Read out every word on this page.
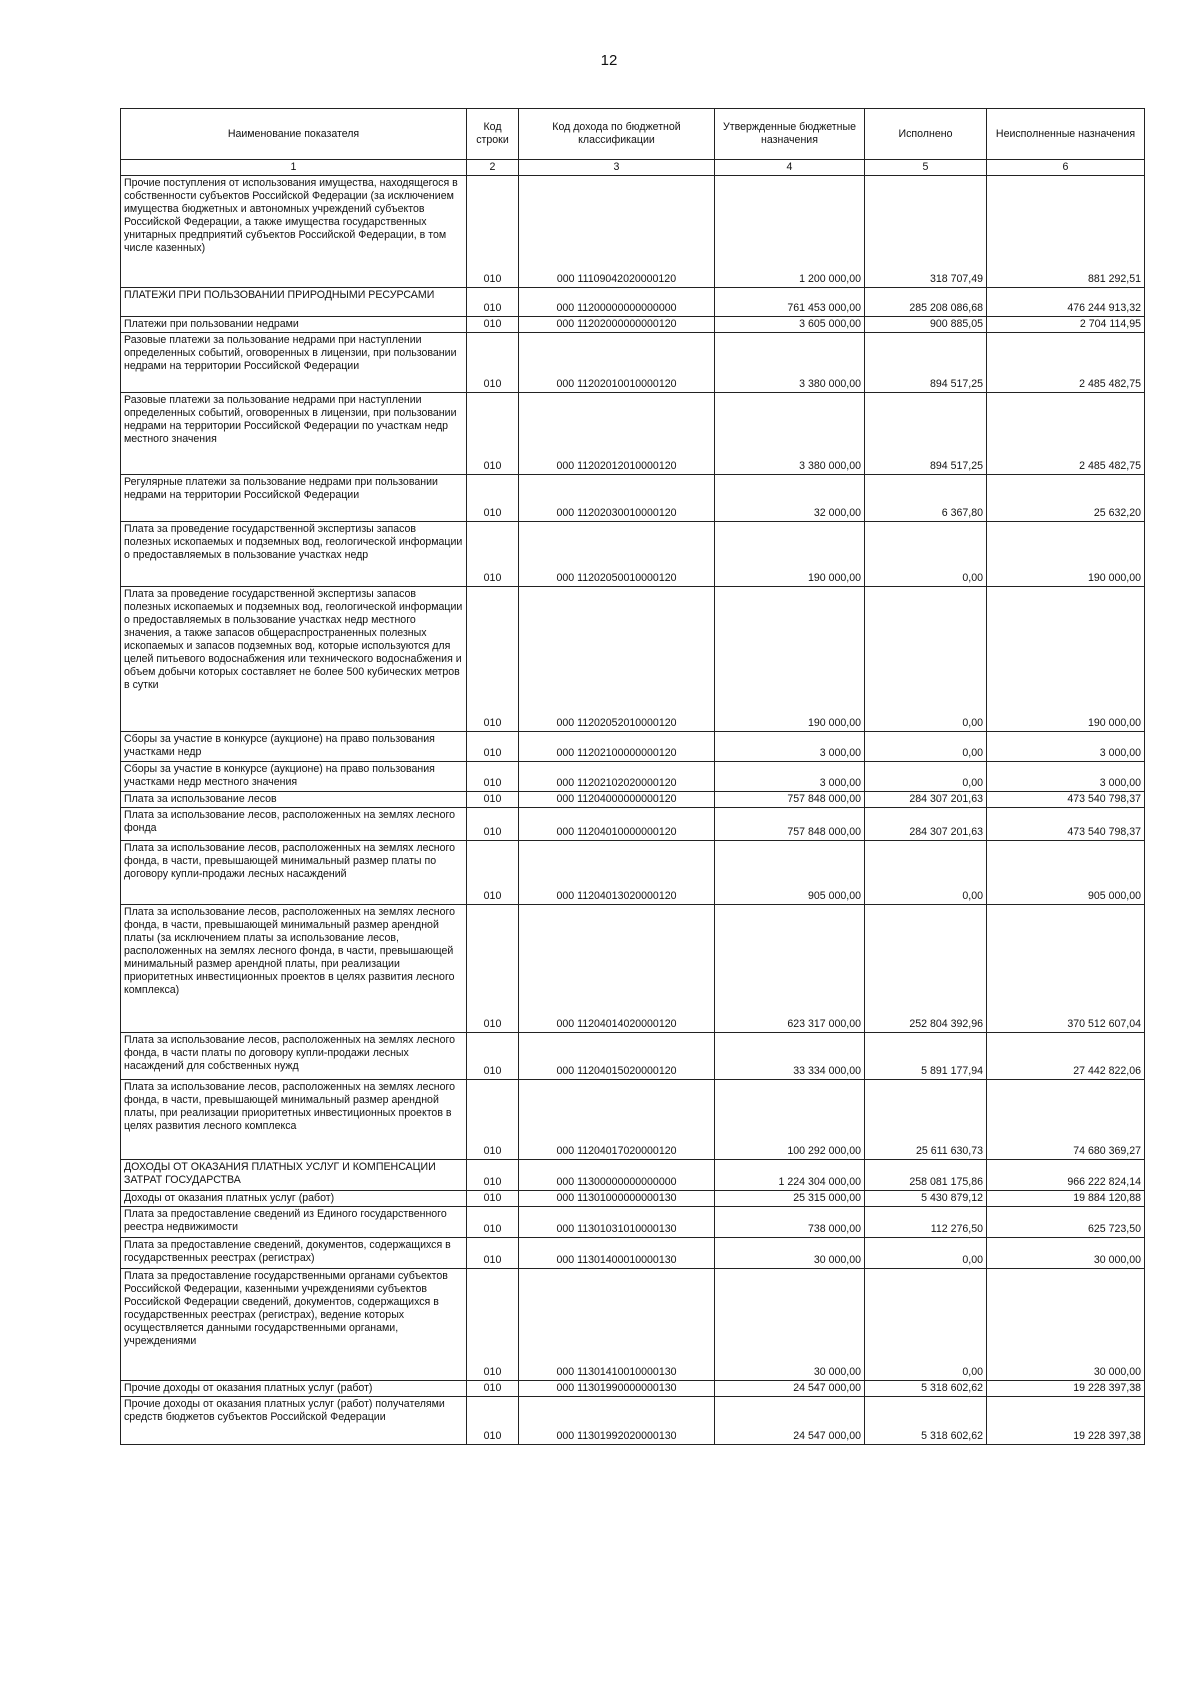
12
Наименование показателя	Код строки	Код дохода по бюджетной классификации	Утвержденные бюджетные назначения	Исполнено	Неисполненные назначения
1	2	3	4	5	6
Прочие поступления от использования имущества, находящегося в собственности субъектов Российской Федерации (за исключением имущества бюджетных и автономных учреждений субъектов Российской Федерации, а также имущества государственных унитарных предприятий субъектов Российской Федерации, в том числе казенных)	010	000 11109042020000120	1 200 000,00	318 707,49	881 292,51
ПЛАТЕЖИ ПРИ ПОЛЬЗОВАНИИ ПРИРОДНЫМИ РЕСУРСАМИ	010	000 11200000000000000	761 453 000,00	285 208 086,68	476 244 913,32
Платежи при пользовании недрами	010	000 11202000000000120	3 605 000,00	900 885,05	2 704 114,95
Разовые платежи за пользование недрами при наступлении определенных событий, оговоренных в лицензии, при пользовании недрами на территории Российской Федерации	010	000 11202010010000120	3 380 000,00	894 517,25	2 485 482,75
Разовые платежи за пользование недрами при наступлении определенных событий, оговоренных в лицензии, при пользовании недрами на территории Российской Федерации по участкам недр местного значения	010	000 11202012010000120	3 380 000,00	894 517,25	2 485 482,75
Регулярные платежи за пользование недрами при пользовании недрами на территории Российской Федерации	010	000 11202030010000120	32 000,00	6 367,80	25 632,20
Плата за проведение государственной экспертизы запасов полезных ископаемых и подземных вод, геологической информации о предоставляемых в пользование участках недр	010	000 11202050010000120	190 000,00	0,00	190 000,00
Плата за проведение государственной экспертизы запасов полезных ископаемых и подземных вод, геологической информации о предоставляемых в пользование участках недр местного значения, а также запасов общераспространенных полезных ископаемых и запасов подземных вод, которые используются для целей питьевого водоснабжения или технического водоснабжения и объем добычи которых составляет не более 500 кубических метров в сутки	010	000 11202052010000120	190 000,00	0,00	190 000,00
Сборы за участие в конкурсе (аукционе) на право пользования участками недр	010	000 11202100000000120	3 000,00	0,00	3 000,00
Сборы за участие в конкурсе (аукционе) на право пользования участками недр местного значения	010	000 11202102020000120	3 000,00	0,00	3 000,00
Плата за использование лесов	010	000 11204000000000120	757 848 000,00	284 307 201,63	473 540 798,37
Плата за использование лесов, расположенных на землях лесного фонда	010	000 11204010000000120	757 848 000,00	284 307 201,63	473 540 798,37
Плата за использование лесов, расположенных на землях лесного фонда, в части, превышающей минимальный размер платы по договору купли-продажи лесных насаждений	010	000 11204013020000120	905 000,00	0,00	905 000,00
Плата за использование лесов, расположенных на землях лесного фонда, в части, превышающей минимальный размер арендной платы (за исключением платы за использование лесов, расположенных на землях лесного фонда, в части, превышающей минимальный размер арендной платы, при реализации приоритетных инвестиционных проектов в целях развития лесного комплекса)	010	000 11204014020000120	623 317 000,00	252 804 392,96	370 512 607,04
Плата за использование лесов, расположенных на землях лесного фонда, в части платы по договору купли-продажи лесных насаждений для собственных нужд	010	000 11204015020000120	33 334 000,00	5 891 177,94	27 442 822,06
Плата за использование лесов, расположенных на землях лесного фонда, в части, превышающей минимальный размер арендной платы, при реализации приоритетных инвестиционных проектов в целях развития лесного комплекса	010	000 11204017020000120	100 292 000,00	25 611 630,73	74 680 369,27
ДОХОДЫ ОТ ОКАЗАНИЯ ПЛАТНЫХ УСЛУГ И КОМПЕНСАЦИИ ЗАТРАТ ГОСУДАРСТВА	010	000 11300000000000000	1 224 304 000,00	258 081 175,86	966 222 824,14
Доходы от оказания платных услуг (работ)	010	000 11301000000000130	25 315 000,00	5 430 879,12	19 884 120,88
Плата за предоставление сведений из Единого государственного реестра недвижимости	010	000 11301031010000130	738 000,00	112 276,50	625 723,50
Плата за предоставление сведений, документов, содержащихся в государственных реестрах (регистрах)	010	000 11301400010000130	30 000,00	0,00	30 000,00
Плата за предоставление государственными органами субъектов Российской Федерации, казенными учреждениями субъектов Российской Федерации сведений, документов, содержащихся в государственных реестрах (регистрах), ведение которых осуществляется данными государственными органами, учреждениями	010	000 11301410010000130	30 000,00	0,00	30 000,00
Прочие доходы от оказания платных услуг (работ)	010	000 11301990000000130	24 547 000,00	5 318 602,62	19 228 397,38
Прочие доходы от оказания платных услуг (работ) получателями средств бюджетов субъектов Российской Федерации	010	000 11301992020000130	24 547 000,00	5 318 602,62	19 228 397,38
